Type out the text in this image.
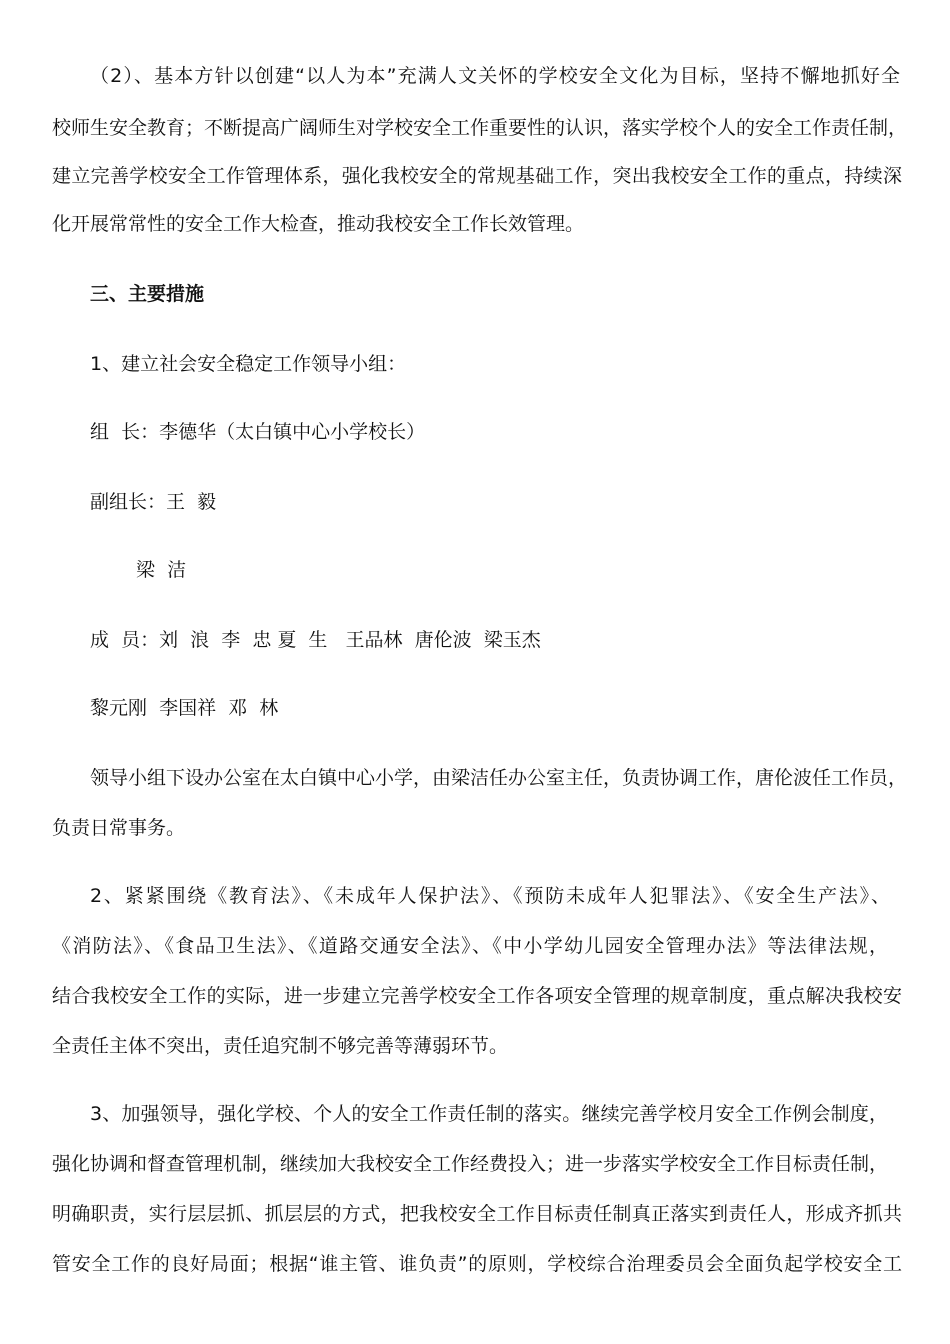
（2）、基本方针以创建“以人为本”充满人文关怀的学校安全文化为目标，坚持不懈地抓好全
校师生安全教育；不断提高广阔师生对学校安全工作重要性的认识，落实学校个人的安全工作责任制，
建立完善学校安全工作管理体系，强化我校安全的常规基础工作，突出我校安全工作的重点，持续深
化开展常常性的安全工作大检查，推动我校安全工作长效管理。
三、主要措施
1、建立社会安全稳定工作领导小组：
组  长：李德华（太白镇中心小学校长）
副组长：王  毅
梁  洁
成  员：刘  浪  李  忠 夏  生   王品林  唐伦波  梁玉杰
黎元刚  李国祥  邓  林
领导小组下设办公室在太白镇中心小学，由梁洁任办公室主任，负责协调工作，唐伦波任工作员，
负责日常事务。
2、紧紧围绕《教育法》、《未成年人保护法》、《预防未成年人犯罪法》、《安全生产法》、
《消防法》、《食品卫生法》、《道路交通安全法》、《中小学幼儿园安全管理办法》等法律法规，
结合我校安全工作的实际，进一步建立完善学校安全工作各项安全管理的规章制度，重点解决我校安
全责任主体不突出，责任追究制不够完善等薄弱环节。
3、加强领导，强化学校、个人的安全工作责任制的落实。继续完善学校月安全工作例会制度，
强化协调和督查管理机制，继续加大我校安全工作经费投入；进一步落实学校安全工作目标责任制，
明确职责，实行层层抓、抓层层的方式，把我校安全工作目标责任制真正落实到责任人，形成齐抓共
管安全工作的良好局面；根据“谁主管、谁负责”的原则，学校综合治理委员会全面负起学校安全工
